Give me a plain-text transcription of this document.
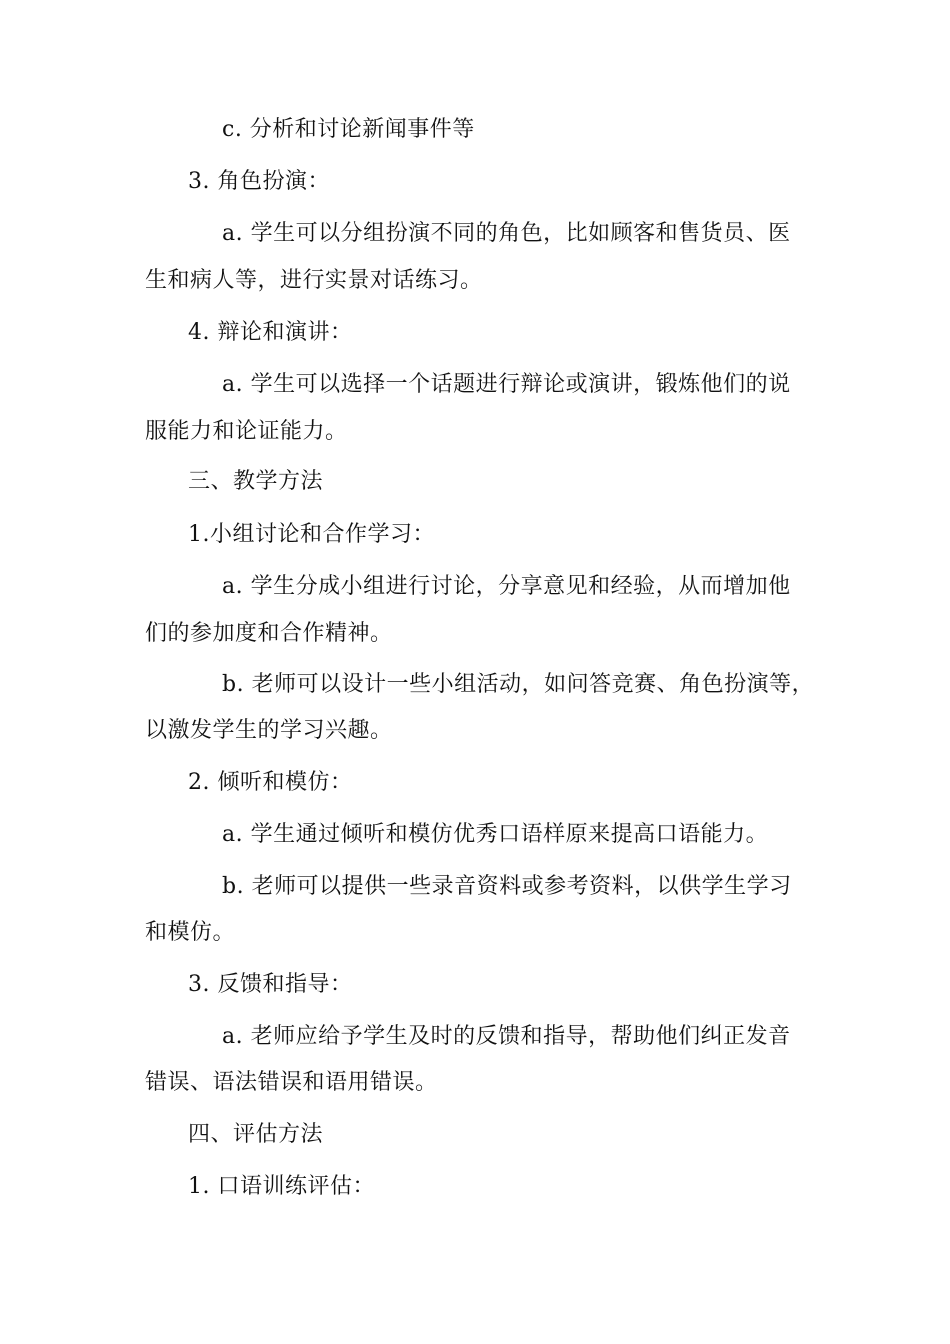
c. 分析和讨论新闻事件等
3. 角色扮演：
a. 学生可以分组扮演不同的角色，比如顾客和售货员、医
生和病人等，进行实景对话练习。
4. 辩论和演讲：
a. 学生可以选择一个话题进行辩论或演讲，锻炼他们的说
服能力和论证能力。
三、教学方法
1.小组讨论和合作学习：
a. 学生分成小组进行讨论，分享意见和经验，从而增加他
们的参加度和合作精神。
b. 老师可以设计一些小组活动，如问答竞赛、角色扮演等，
以激发学生的学习兴趣。
2. 倾听和模仿：
a. 学生通过倾听和模仿优秀口语样原来提高口语能力。
b. 老师可以提供一些录音资料或参考资料，以供学生学习
和模仿。
3. 反馈和指导：
a. 老师应给予学生及时的反馈和指导，帮助他们纠正发音
错误、语法错误和语用错误。
四、评估方法
1. 口语训练评估：
